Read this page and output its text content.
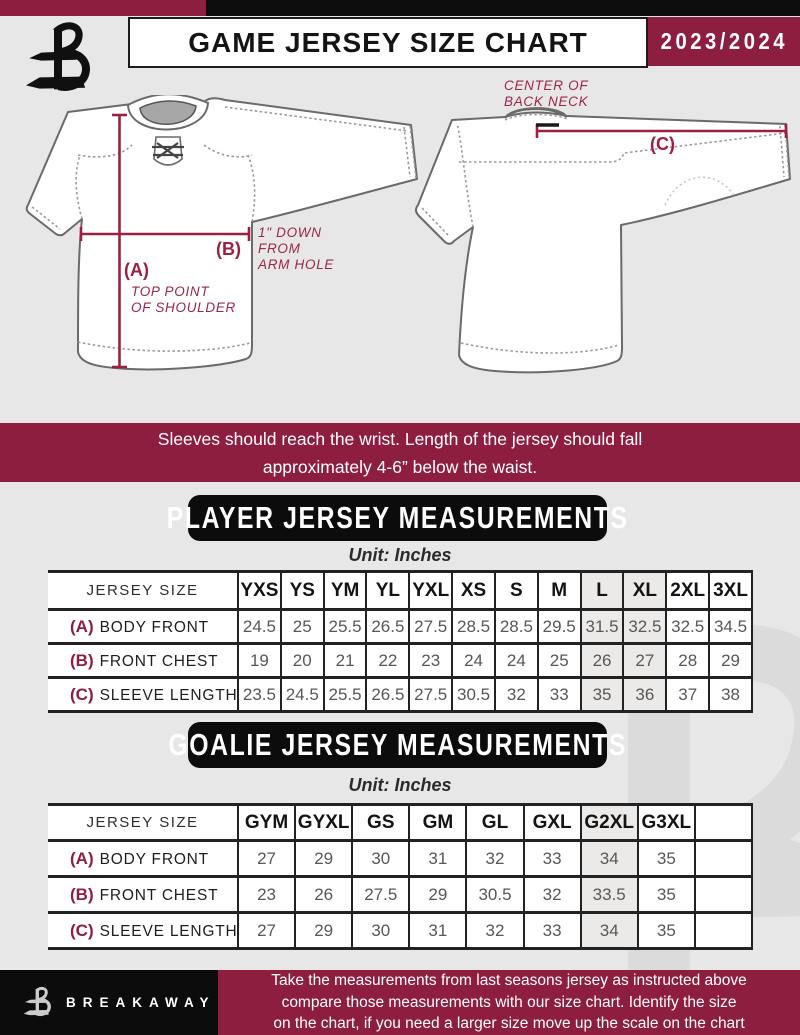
GAME JERSEY SIZE CHART	2023/2024
CENTER OF
BACK NECK
(C)
(B)
1" DOWN
FROM
ARM HOLE
(A)
TOP POINT
OF SHOULDER
Sleeves should reach the wrist. Length of the jersey should fall
approximately 4-6” below the waist.
PLAYER JERSEY MEASUREMENTS
Unit: Inches
JERSEY SIZE	YXS	YS	YM	YL	YXL	XS	S	M	L	XL	2XL	3XL
(A) BODY FRONT	24.5	25	25.5	26.5	27.5	28.5	28.5	29.5	31.5	32.5	32.5	34.5
(B) FRONT CHEST	19	20	21	22	23	24	24	25	26	27	28	29
(C) SLEEVE LENGTH	23.5	24.5	25.5	26.5	27.5	30.5	32	33	35	36	37	38
GOALIE JERSEY MEASUREMENTS
Unit: Inches
JERSEY SIZE	GYM	GYXL	GS	GM	GL	GXL	G2XL	G3XL	
(A) BODY FRONT	27	29	30	31	32	33	34	35	
(B) FRONT CHEST	23	26	27.5	29	30.5	32	33.5	35	
(C) SLEEVE LENGTH	27	29	30	31	32	33	34	35	
BREAKAWAY
Take the measurements from last seasons jersey as instructed above
compare those measurements with our size chart. Identify the size
on the chart, if you need a larger size move up the scale on the chart
